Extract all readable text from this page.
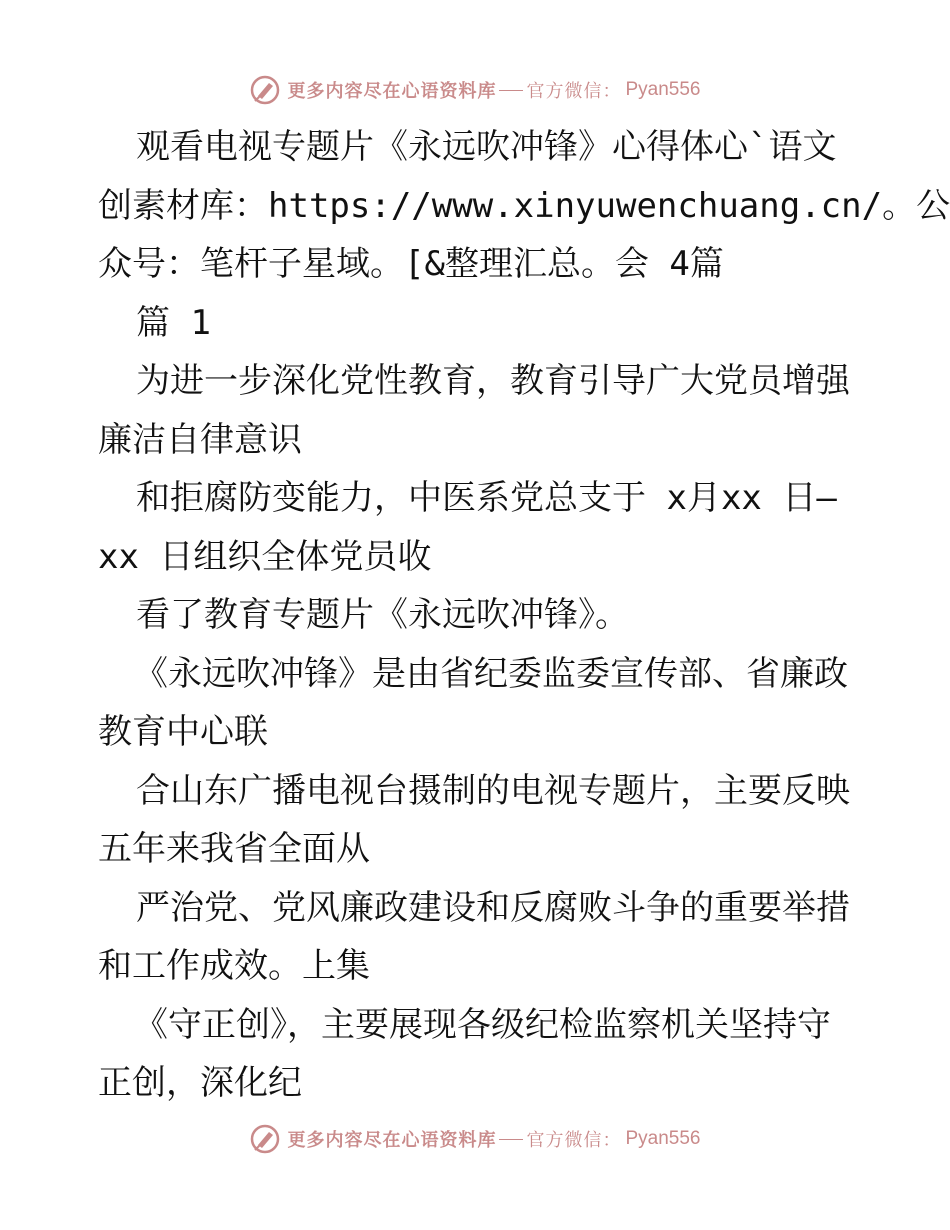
更多内容尽在心语资料库 官方微信： Pyan556
观看电视专题片《永远吹冲锋》心得体心`语文
创素材库：https://www.xinyuwenchuang.cn/。公
众号：笔杆子星域。[&整理汇总。会 4篇
篇 1
为进一步深化党性教育，教育引导广大党员增强
廉洁自律意识
和拒腐防变能力，中医系党总支于 x月xx 日—
xx 日组织全体党员收
看了教育专题片《永远吹冲锋》。
《永远吹冲锋》是由省纪委监委宣传部、省廉政
教育中心联
合山东广播电视台摄制的电视专题片，主要反映
五年来我省全面从
严治党、党风廉政建设和反腐败斗争的重要举措
和工作成效。上集
《守正创》，主要展现各级纪检监察机关坚持守
正创，深化纪
更多内容尽在心语资料库 官方微信： Pyan556
